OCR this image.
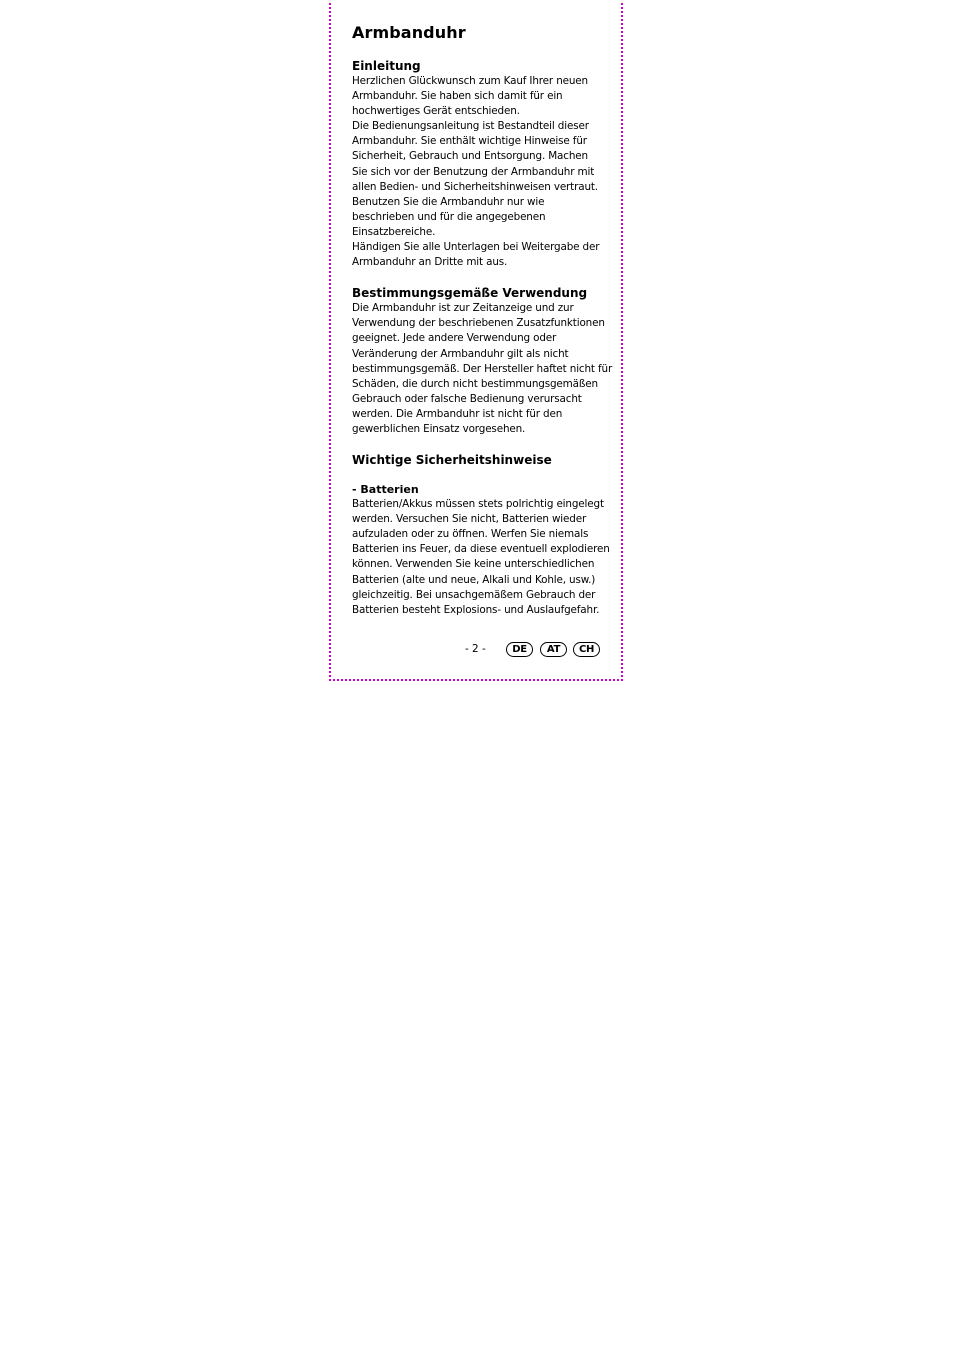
Armbanduhr
Einleitung

Herzlichen Glückwunsch zum Kauf Ihrer neuen

Armbanduhr. Sie haben sich damit für ein

hochwertiges Gerät entschieden.

Die Bedienungsanleitung ist Bestandteil dieser

Armbanduhr. Sie enthält wichtige Hinweise für

Sicherheit, Gebrauch und Entsorgung. Machen

Sie sich vor der Benutzung der Armbanduhr mit

allen Bedien- und Sicherheitshinweisen vertraut.

Benutzen Sie die Armbanduhr nur wie

beschrieben und für die angegebenen

Einsatzbereiche.

Händigen Sie alle Unterlagen bei Weitergabe der

Armbanduhr an Dritte mit aus.

Bestimmungsgemäße Verwendung

Die Armbanduhr ist zur Zeitanzeige und zur

Verwendung der beschriebenen Zusatzfunktionen

geeignet. Jede andere Verwendung oder

Veränderung der Armbanduhr gilt als nicht

bestimmungsgemäß. Der Hersteller haftet nicht für

Schäden, die durch nicht bestimmungsgemäßen

Gebrauch oder falsche Bedienung verursacht

werden. Die Armbanduhr ist nicht für den

gewerblichen Einsatz vorgesehen.

Wichtige Sicherheitshinweise
- Batterien

Batterien/Akkus müssen stets polrichtig eingelegt

werden. Versuchen Sie nicht, Batterien wieder

aufzuladen oder zu öffnen. Werfen Sie niemals

Batterien ins Feuer, da diese eventuell explodieren

können. Verwenden Sie keine unterschiedlichen

Batterien (alte und neue, Alkali und Kohle, usw.)

gleichzeitig. Bei unsachgemäßem Gebrauch der

Batterien besteht Explosions- und Auslaufgefahr.

- 2 -	DE	AT	CH
